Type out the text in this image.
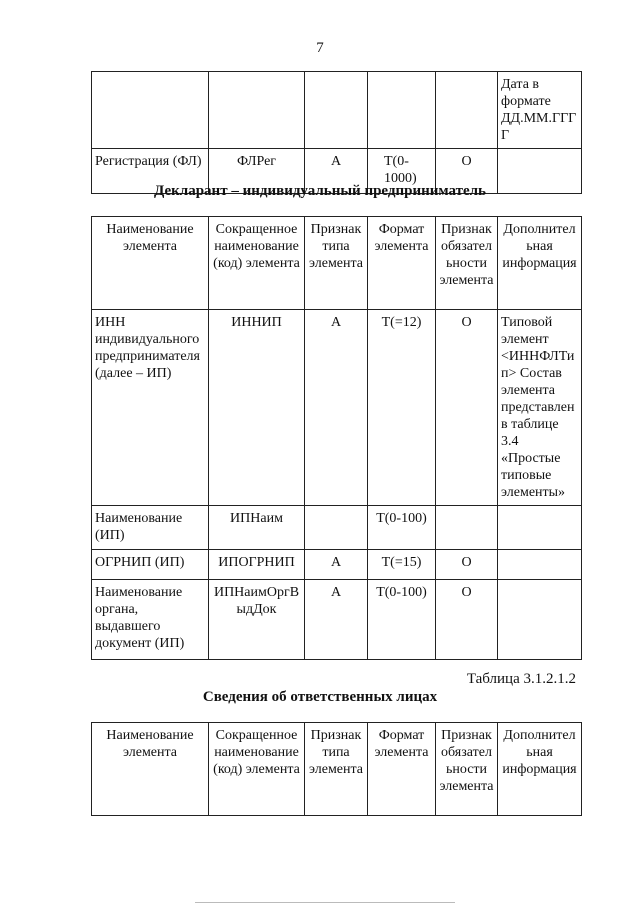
7
					Дата в формате ДД.ММ.ГГГГ
Регистрация (ФЛ)	ФЛРег	А	Т(0-1000)	О	
Декларант – индивидуальный предприниматель
Наименование элемента	Сокращенное наименование (код) элемента	Признак типа элемента	Формат элемента	Признак обязательности элемента	Дополнительная информация
ИНН индивидуального предпринимателя (далее – ИП)	ИННИП	А	Т(=12)	О	Типовой элемент <ИННФЛТип> Состав элемента представлен в таблице 3.4 «Простые типовые элементы»
Наименование (ИП)	ИПНаим		Т(0-100)		
ОГРНИП (ИП)	ИПОГРНИП	А	Т(=15)	О	
Наименование органа, выдавшего документ (ИП)	ИПНаимОргВыдДок	А	Т(0-100)	О	
Таблица 3.1.2.1.2
Сведения об ответственных лицах
Наименование элемента	Сокращенное наименование (код) элемента	Признак типа элемента	Формат элемента	Признак обязательности элемента	Дополнительная информация
